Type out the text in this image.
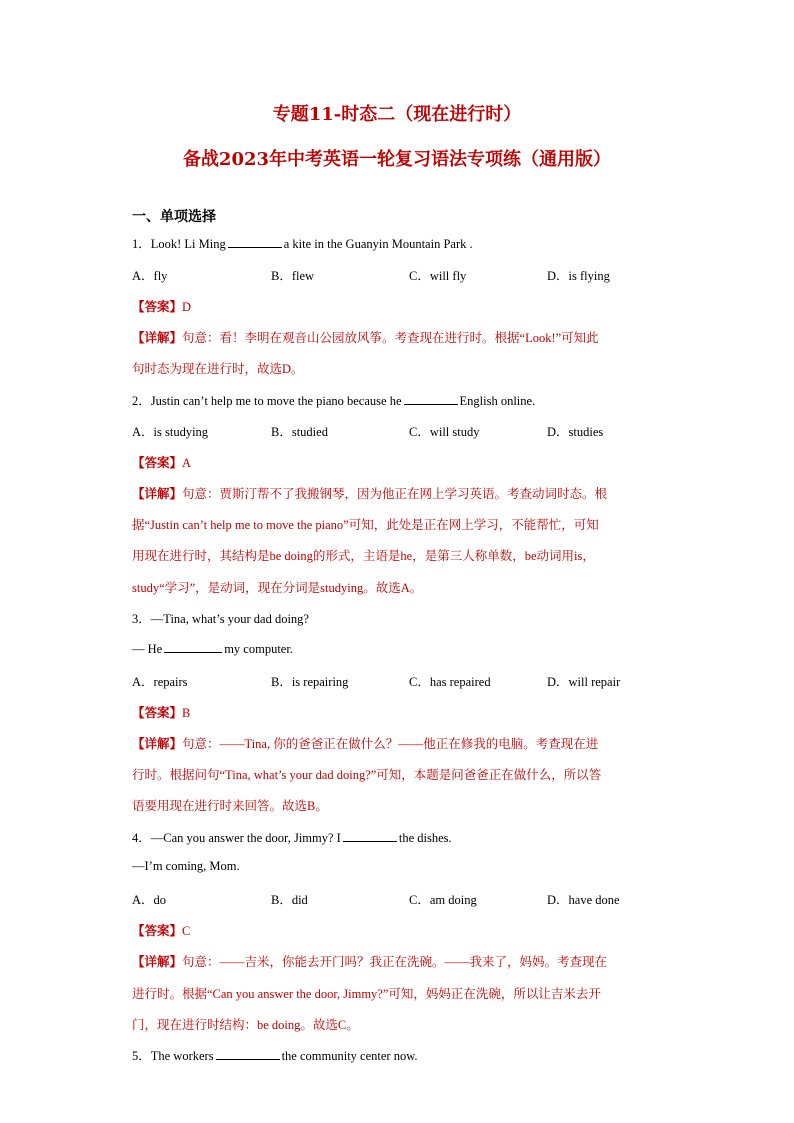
专题11-时态二（现在进行时）
备战2023年中考英语一轮复习语法专项练（通用版）
一、单项选择
1．Look! Li Ming	a kite in the Guanyin Mountain Park .
A．fly	B．flew	C．will fly	D．is flying
【答案】D
【详解】句意：看！李明在观音山公园放风筝。考查现在进行时。根据“Look!”可知此
句时态为现在进行时，故选D。
2．Justin can’t help me to move the piano because he	English online.
A．is studying	B．studied	C．will study	D．studies
【答案】A
【详解】句意：贾斯汀帮不了我搬钢琴，因为他正在网上学习英语。考查动词时态。根
据“Justin can’t help me to move the piano”可知，此处是正在网上学习，不能帮忙，可知
用现在进行时，其结构是be doing的形式，主语是he，是第三人称单数，be动词用is，
study“学习”，是动词，现在分词是studying。故选A。
3．—Tina, what’s your dad doing?
— He	my computer.
A．repairs	B．is repairing	C．has repaired	D．will repair
【答案】B
【详解】句意：——Tina, 你的爸爸正在做什么？——他正在修我的电脑。考查现在进
行时。根据问句“Tina, what’s your dad doing?”可知，本题是问爸爸正在做什么，所以答
语要用现在进行时来回答。故选B。
4．—Can you answer the door, Jimmy? I	the dishes.
—I’m coming, Mom.
A．do	B．did	C．am doing	D．have done
【答案】C
【详解】句意：——吉米，你能去开门吗？我正在洗碗。——我来了，妈妈。考查现在
进行时。根据“Can you answer the door, Jimmy?”可知，妈妈正在洗碗，所以让吉米去开
门，现在进行时结构：be doing。故选C。
5．The workers	the community center now.
